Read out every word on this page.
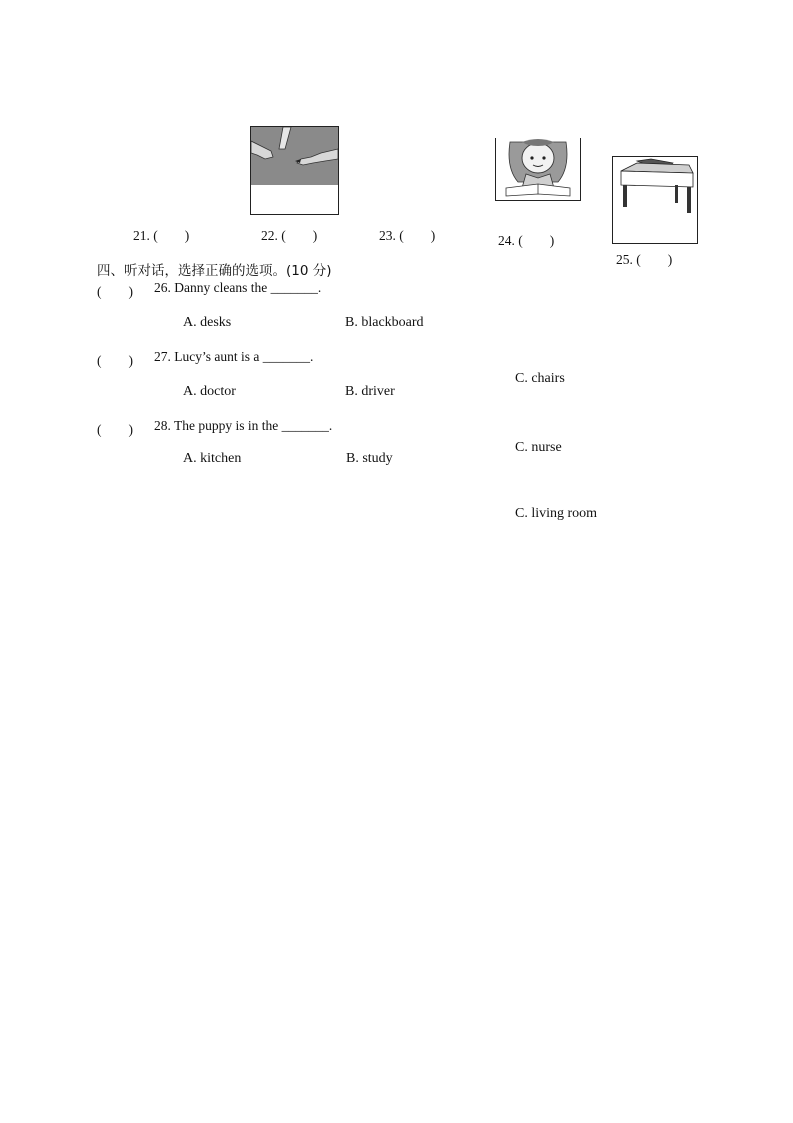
21. (　　)	22. (　　)	23. (　　)	24. (　　)
25. (　　)
四、听对话，选择正确的选项。(10 分)
(　　) 26. Danny cleans the _______.
A. desks	B. blackboard
C. chairs
(　　) 27. Lucy’s aunt is a _______.
A. doctor	B. driver
C. nurse
(　　) 28. The puppy is in the _______.
A. kitchen	B. study
C. living room
